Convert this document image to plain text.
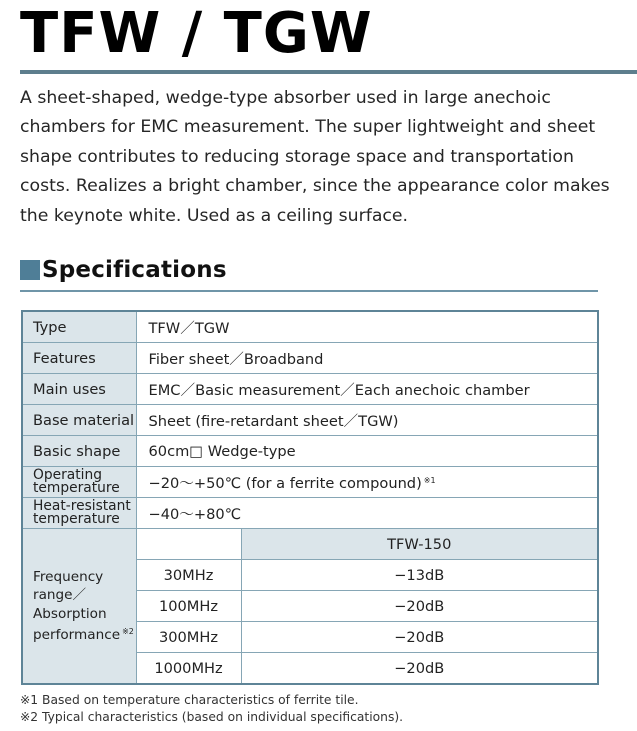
TFW / TGW

A sheet-shaped, wedge-type absorber used in large anechoic chambers for EMC measurement. The super lightweight and sheet shape contributes to reducing storage space and transportation costs. Realizes a bright chamber, since the appearance color makes the keynote white. Used as a ceiling surface.

Specifications
Type	TFW／TGW	
Features	Fiber sheet／Broadband	
Main uses	EMC／Basic measurement／Each anechoic chamber	
Base material	Sheet (fire-retardant sheet／TGW)	
Basic shape	60cm□ Wedge-type	
Operating temperature	−20～+50℃ (for a ferrite compound) $^{※1}$
Heat-resistant temperature	−40～+80℃	
Frequency range／Absorption performance $^{※2}$		TFW-150
	30MHz	−13dB
	100MHz	−20dB
	300MHz	−20dB
	1000MHz	−20dB
※1 Based on temperature characteristics of ferrite tile.
※2 Typical characteristics (based on individual specifications).
